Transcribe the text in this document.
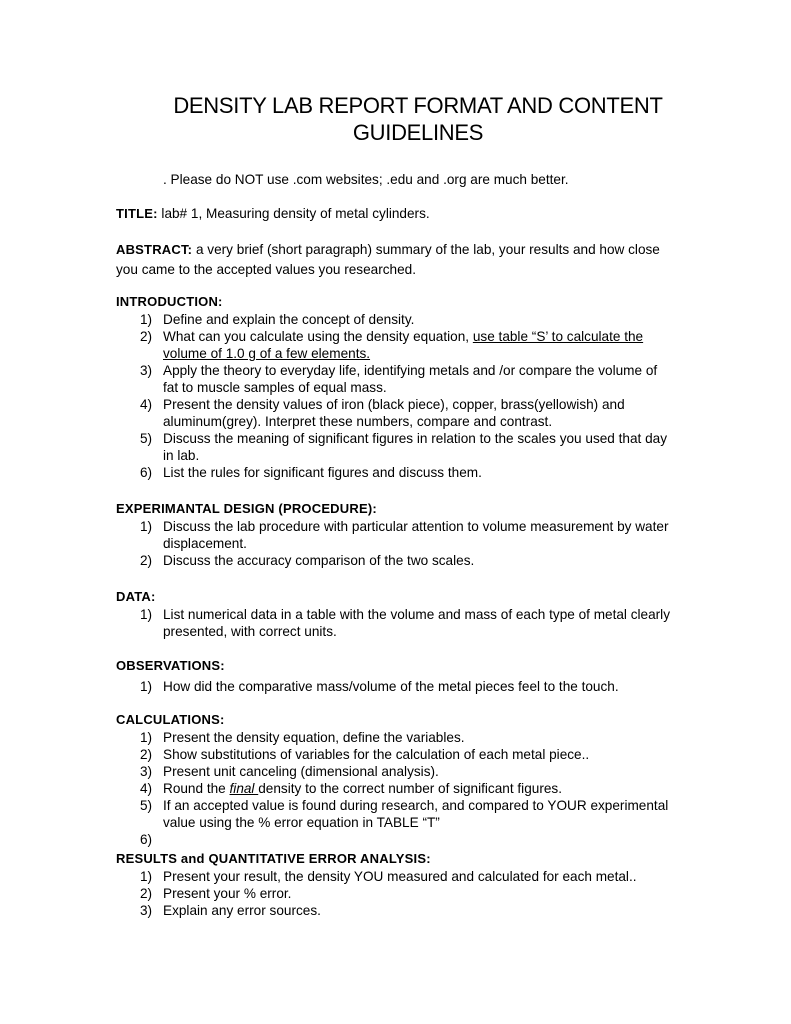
DENSITY LAB REPORT FORMAT AND CONTENT
GUIDELINES
. Please do NOT use .com websites; .edu and .org are much better.
TITLE: lab# 1, Measuring density of metal cylinders.
ABSTRACT: a very brief (short paragraph) summary of the lab, your results and how close you came to the accepted values you researched.
INTRODUCTION:
1) Define and explain the concept of density.
2) What can you calculate using the density equation, use table “S’ to calculate the volume of 1.0 g of a few elements.
3) Apply the theory to everyday life, identifying metals and /or compare the volume of fat to muscle samples of equal mass.
4) Present the density values of iron (black piece), copper, brass(yellowish) and aluminum(grey). Interpret these numbers, compare and contrast.
5) Discuss the meaning of significant figures in relation to the scales you used that day in lab.
6) List the rules for significant figures and discuss them.
EXPERIMANTAL DESIGN (PROCEDURE):
1) Discuss the lab procedure with particular attention to volume measurement by water displacement.
2) Discuss the accuracy comparison of the two scales.
DATA:
1) List numerical data in a table with the volume and mass of each type of metal clearly presented, with correct units.
OBSERVATIONS:
1) How did the comparative mass/volume of the metal pieces feel to the touch.
CALCULATIONS:
1) Present the density equation, define the variables.
2) Show substitutions of variables for the calculation of each metal piece..
3) Present unit canceling (dimensional analysis).
4) Round the final density to the correct number of significant figures.
5) If an accepted value is found during research, and compared to YOUR experimental value using the % error equation in TABLE “T”
6)
RESULTS and QUANTITATIVE ERROR ANALYSIS:
1) Present your result, the density YOU measured and calculated for each metal..
2) Present your % error.
3) Explain any error sources.
